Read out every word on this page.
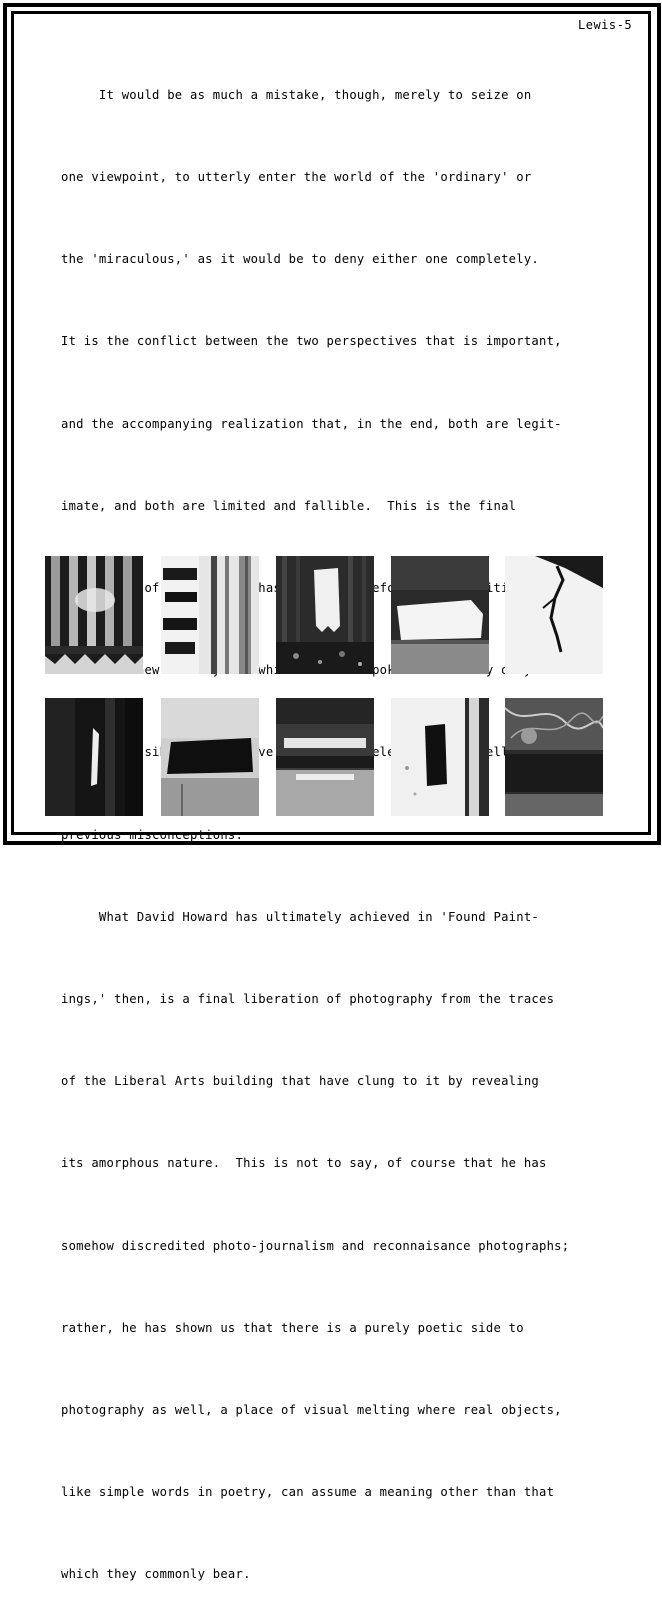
Lewis-5

It would be as much a mistake, though, merely to seize on

one viewpoint, to utterly enter the world of the 'ordinary' or

the 'miraculous,' as it would be to deny either one completely.

It is the conflict between the two perspectives that is important,

and the accompanying realization that, in the end, both are legit-

imate, and both are limited and fallible.  This is the final

of   has

'new      spoke

possible      unravelling

previous misconceptions.

What David Howard has ultimately achieved in 'Found Paint-

ings,' then, is a final liberation of photography from the traces

of the Liberal Arts building that have clung to it by revealing

its amorphous nature.  This is not to say, of course that he has

somehow discredited photo-journalism and reconnaisance photographs;

rather, he has shown us that there is a purely poetic side to

photography as well, a place of visual melting where real objects,

like simple words in poetry, can assume a meaning other than that

which they commonly bear.
